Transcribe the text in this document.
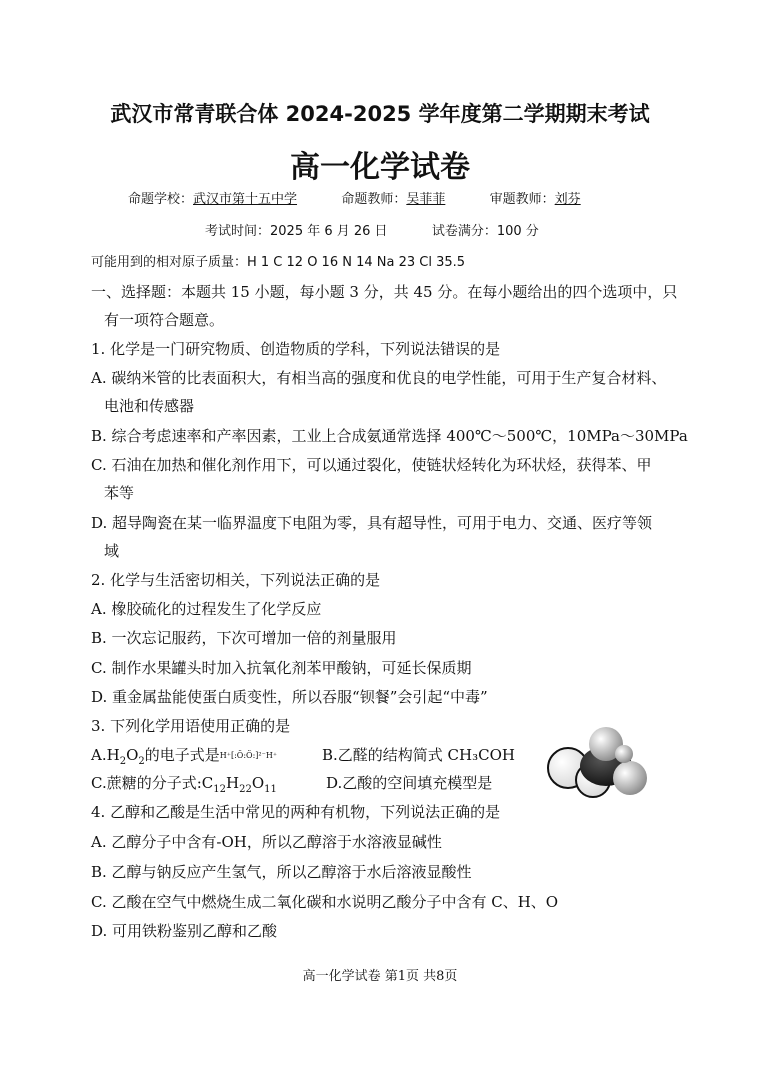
武汉市常青联合体 2024-2025 学年度第二学期期末考试
高一化学试卷
命题学校：武汉市第十五中学	命题教师：吴菲菲	审题教师：刘芬
考试时间：2025 年 6 月 26 日	试卷满分：100 分
可能用到的相对原子质量：H 1 C 12 O 16 N 14 Na 23 Cl 35.5
一、选择题：本题共 15 小题，每小题 3 分，共 45 分。在每小题给出的四个选项中，只
有一项符合题意。
1. 化学是一门研究物质、创造物质的学科，下列说法错误的是
A. 碳纳米管的比表面积大，有相当高的强度和优良的电学性能，可用于生产复合材料、
电池和传感器
B. 综合考虑速率和产率因素，工业上合成氨通常选择 400℃～500℃，10MPa～30MPa
C. 石油在加热和催化剂作用下，可以通过裂化，使链状烃转化为环状烃，获得苯、甲
苯等
D. 超导陶瓷在某一临界温度下电阻为零，具有超导性，可用于电力、交通、医疗等领
域
2. 化学与生活密切相关，下列说法正确的是
A. 橡胶硫化的过程发生了化学反应
B. 一次忘记服药，下次可增加一倍的剂量服用
C. 制作水果罐头时加入抗氧化剂苯甲酸钠，可延长保质期
D. 重金属盐能使蛋白质变性，所以吞服“钡餐”会引起“中毒”
3. 下列化学用语使用正确的是
$A.H_2O_2$的电子式是H⁺[:Ö:Ö:]²⁻H⁺	B.乙醛的结构简式 CH₃COH
C.蔗糖的分子式$:C_{12}H_{22}O_{11}$	D.乙酸的空间填充模型是
4. 乙醇和乙酸是生活中常见的两种有机物，下列说法正确的是
A. 乙醇分子中含有-OH，所以乙醇溶于水溶液显碱性
B. 乙醇与钠反应产生氢气，所以乙醇溶于水后溶液显酸性
C. 乙酸在空气中燃烧生成二氧化碳和水说明乙酸分子中含有 C、H、O
D. 可用铁粉鉴别乙醇和乙酸
高一化学试卷 第1页 共8页
